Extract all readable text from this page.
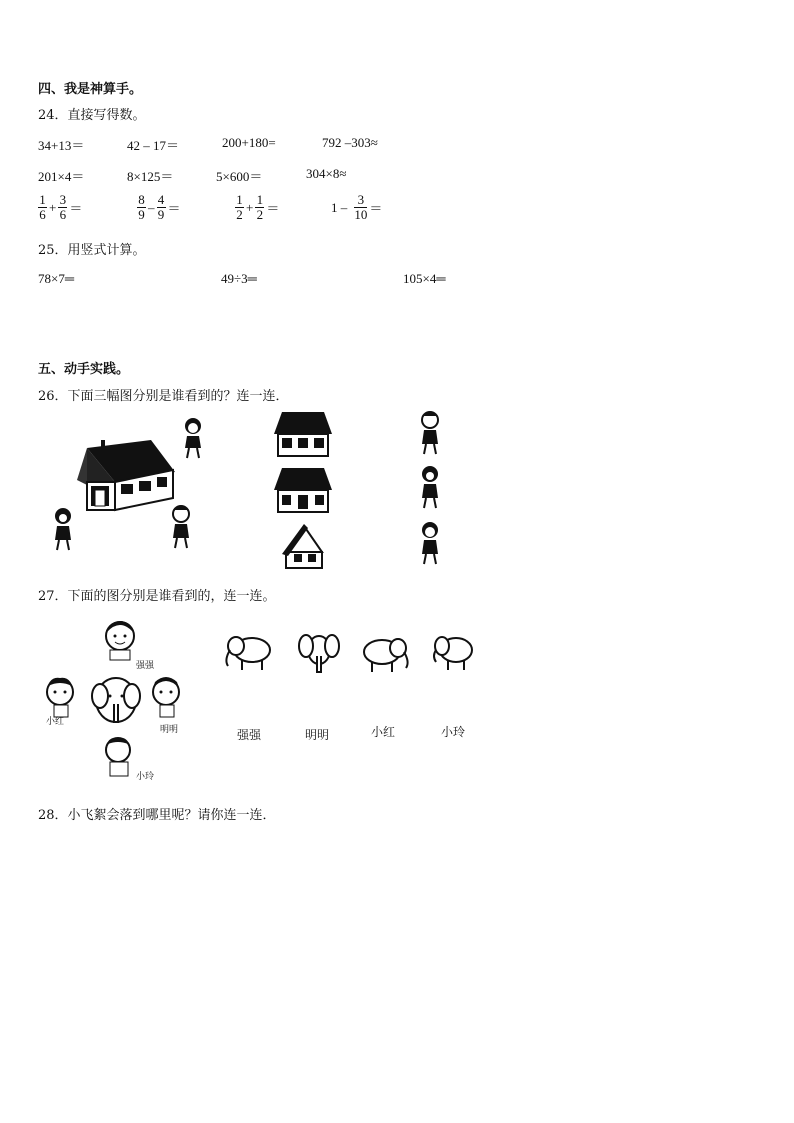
四、我是神算手。
24．直接写得数。
34+13＝	42 – 17＝	200+180=	792 –303≈
201×4＝	8×125＝	5×600＝	304×8≈
$\frac{1}{6} + \frac{3}{6}$ ＝	$\frac{8}{9} - \frac{4}{9}$ ＝	$\frac{1}{2} + \frac{1}{2}$ ＝	$1 - \frac{3}{10}$ ＝
25．用竖式计算。
78×7═	49÷3═	105×4═
五、动手实践。
26．下面三幅图分别是谁看到的？连一连．
27．下面的图分别是谁看到的，连一连。
强强
小红
明明
小玲
强强	明明	小红	小玲
28．小飞絮会落到哪里呢？请你连一连．
